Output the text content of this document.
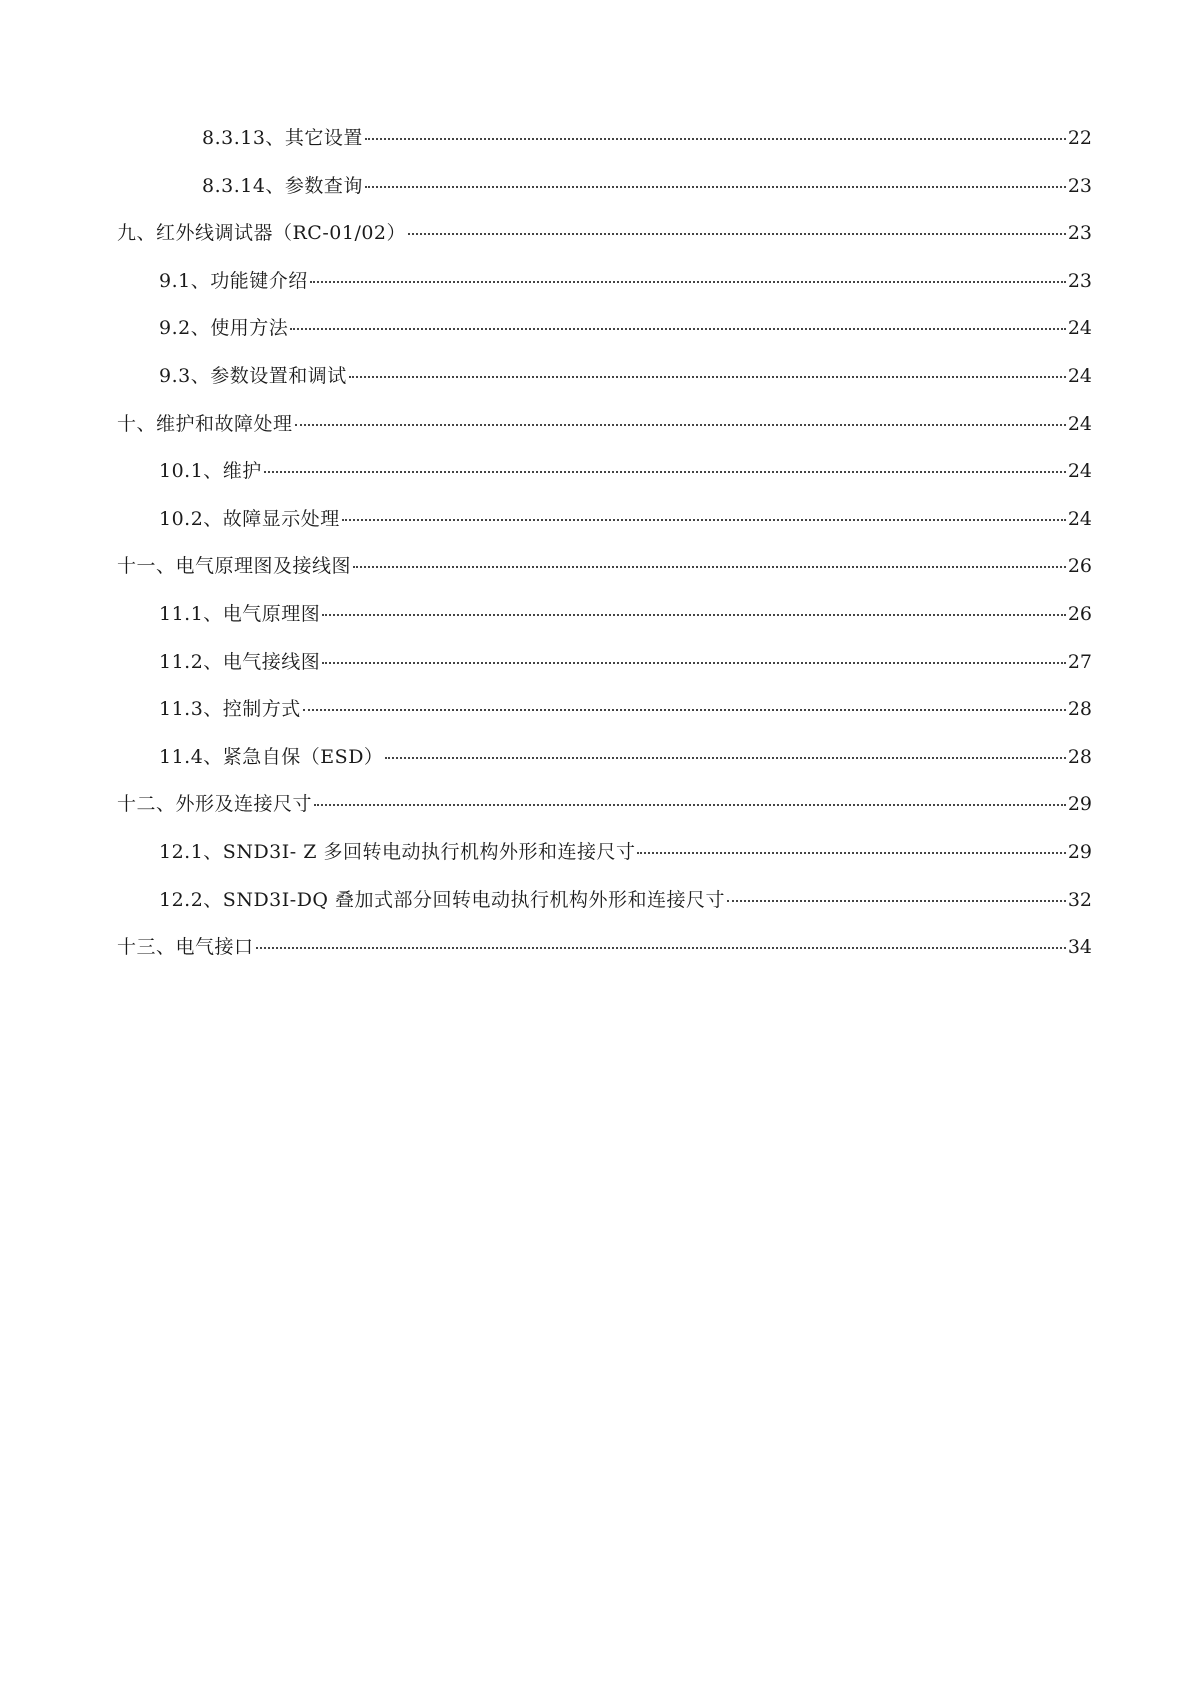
8.3.13、其它设置	22
8.3.14、参数查询	23
九、红外线调试器（RC-01/02）	23
9.1、功能键介绍	23
9.2、使用方法	24
9.3、参数设置和调试	24
十、维护和故障处理	24
10.1、维护	24
10.2、故障显示处理	24
十一、电气原理图及接线图	26
11.1、电气原理图	26
11.2、电气接线图	27
11.3、控制方式	28
11.4、紧急自保（ESD）	28
十二、外形及连接尺寸	29
12.1、SND3I- Z 多回转电动执行机构外形和连接尺寸	29
12.2、SND3I-DQ 叠加式部分回转电动执行机构外形和连接尺寸	32
十三、电气接口	34
